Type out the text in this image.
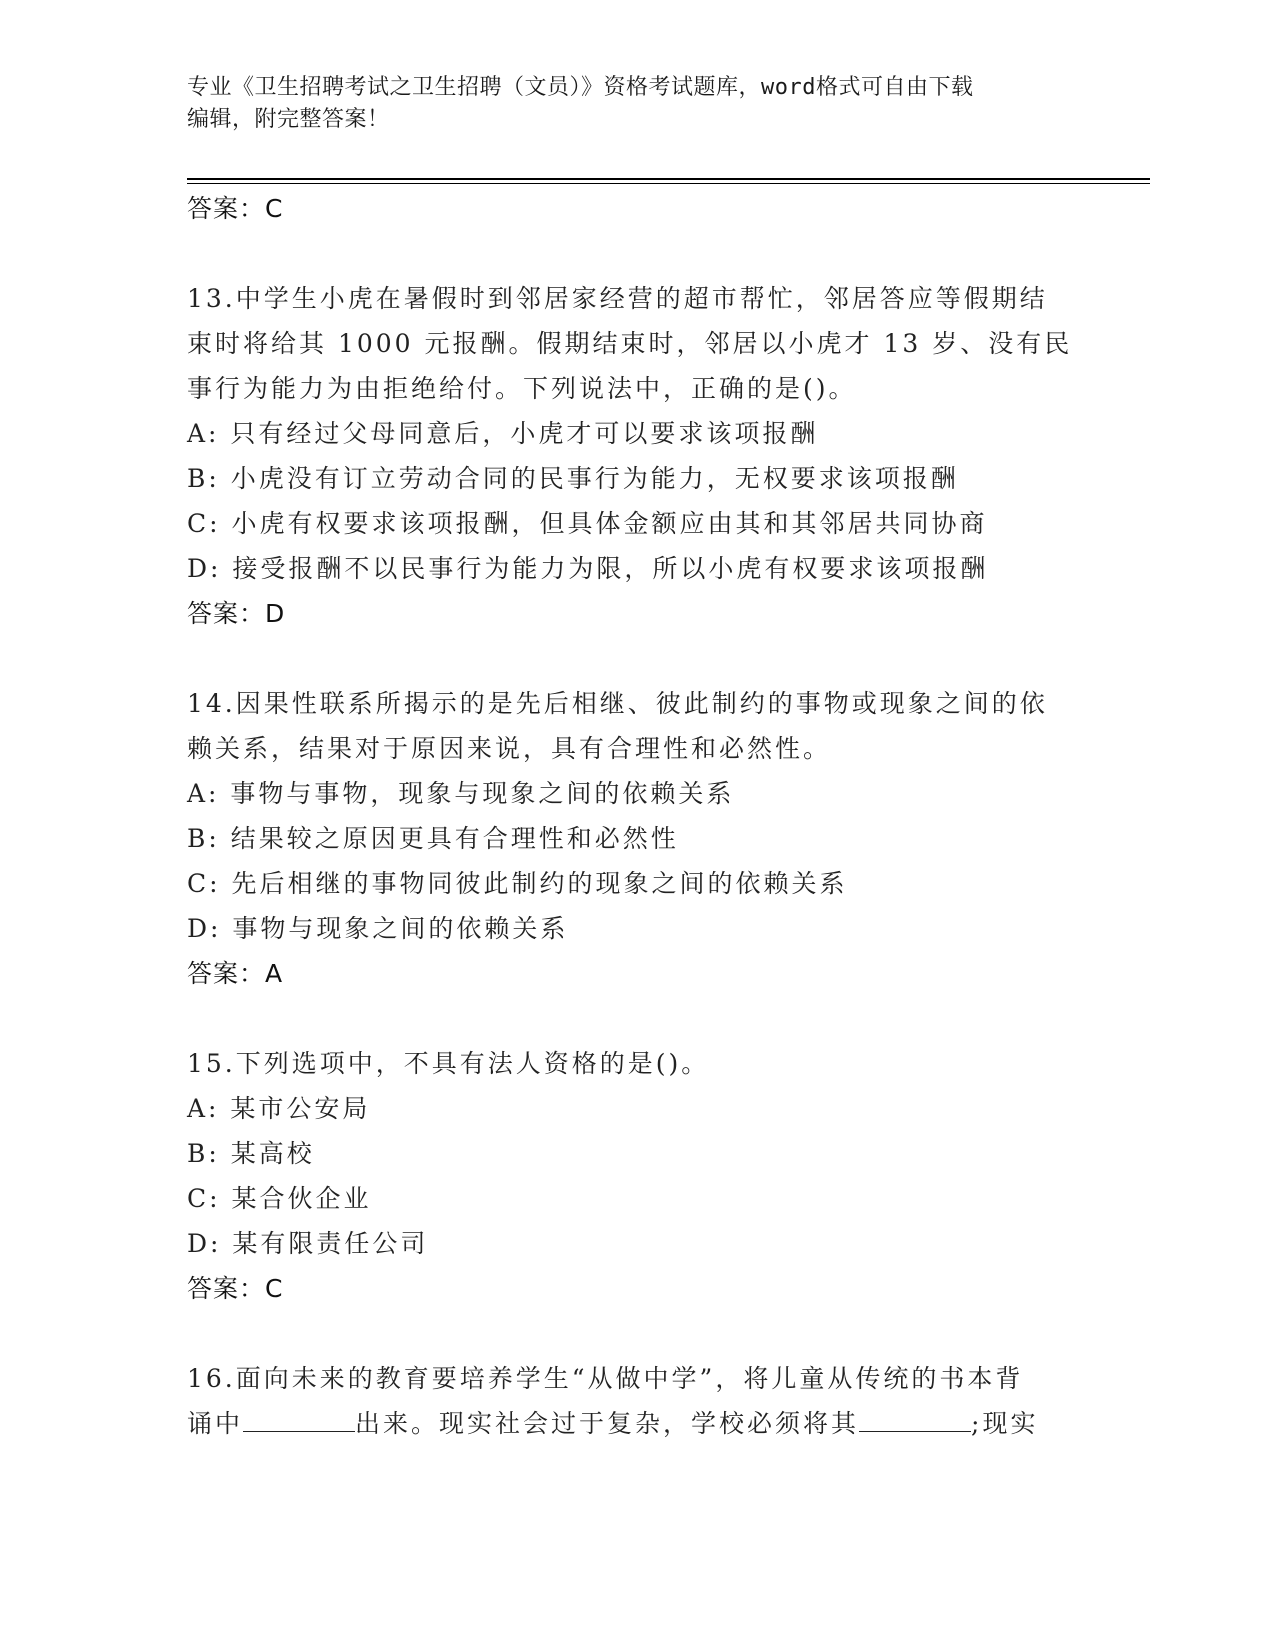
专业《卫生招聘考试之卫生招聘（文员）》资格考试题库，word格式可自由下载
编辑，附完整答案！
答案：C
13.中学生小虎在暑假时到邻居家经营的超市帮忙，邻居答应等假期结
束时将给其 1000 元报酬。假期结束时，邻居以小虎才 13 岁、没有民
事行为能力为由拒绝给付。下列说法中，正确的是()。
A: 只有经过父母同意后，小虎才可以要求该项报酬
B: 小虎没有订立劳动合同的民事行为能力，无权要求该项报酬
C: 小虎有权要求该项报酬，但具体金额应由其和其邻居共同协商
D: 接受报酬不以民事行为能力为限，所以小虎有权要求该项报酬
答案：D
14.因果性联系所揭示的是先后相继、彼此制约的事物或现象之间的依
赖关系，结果对于原因来说，具有合理性和必然性。
A: 事物与事物，现象与现象之间的依赖关系
B: 结果较之原因更具有合理性和必然性
C: 先后相继的事物同彼此制约的现象之间的依赖关系
D: 事物与现象之间的依赖关系
答案：A
15.下列选项中，不具有法人资格的是()。
A: 某市公安局
B: 某高校
C: 某合伙企业
D: 某有限责任公司
答案：C
16.面向未来的教育要培养学生“从做中学”，将儿童从传统的书本背
诵中	出来。现实社会过于复杂，学校必须将其	;现实
